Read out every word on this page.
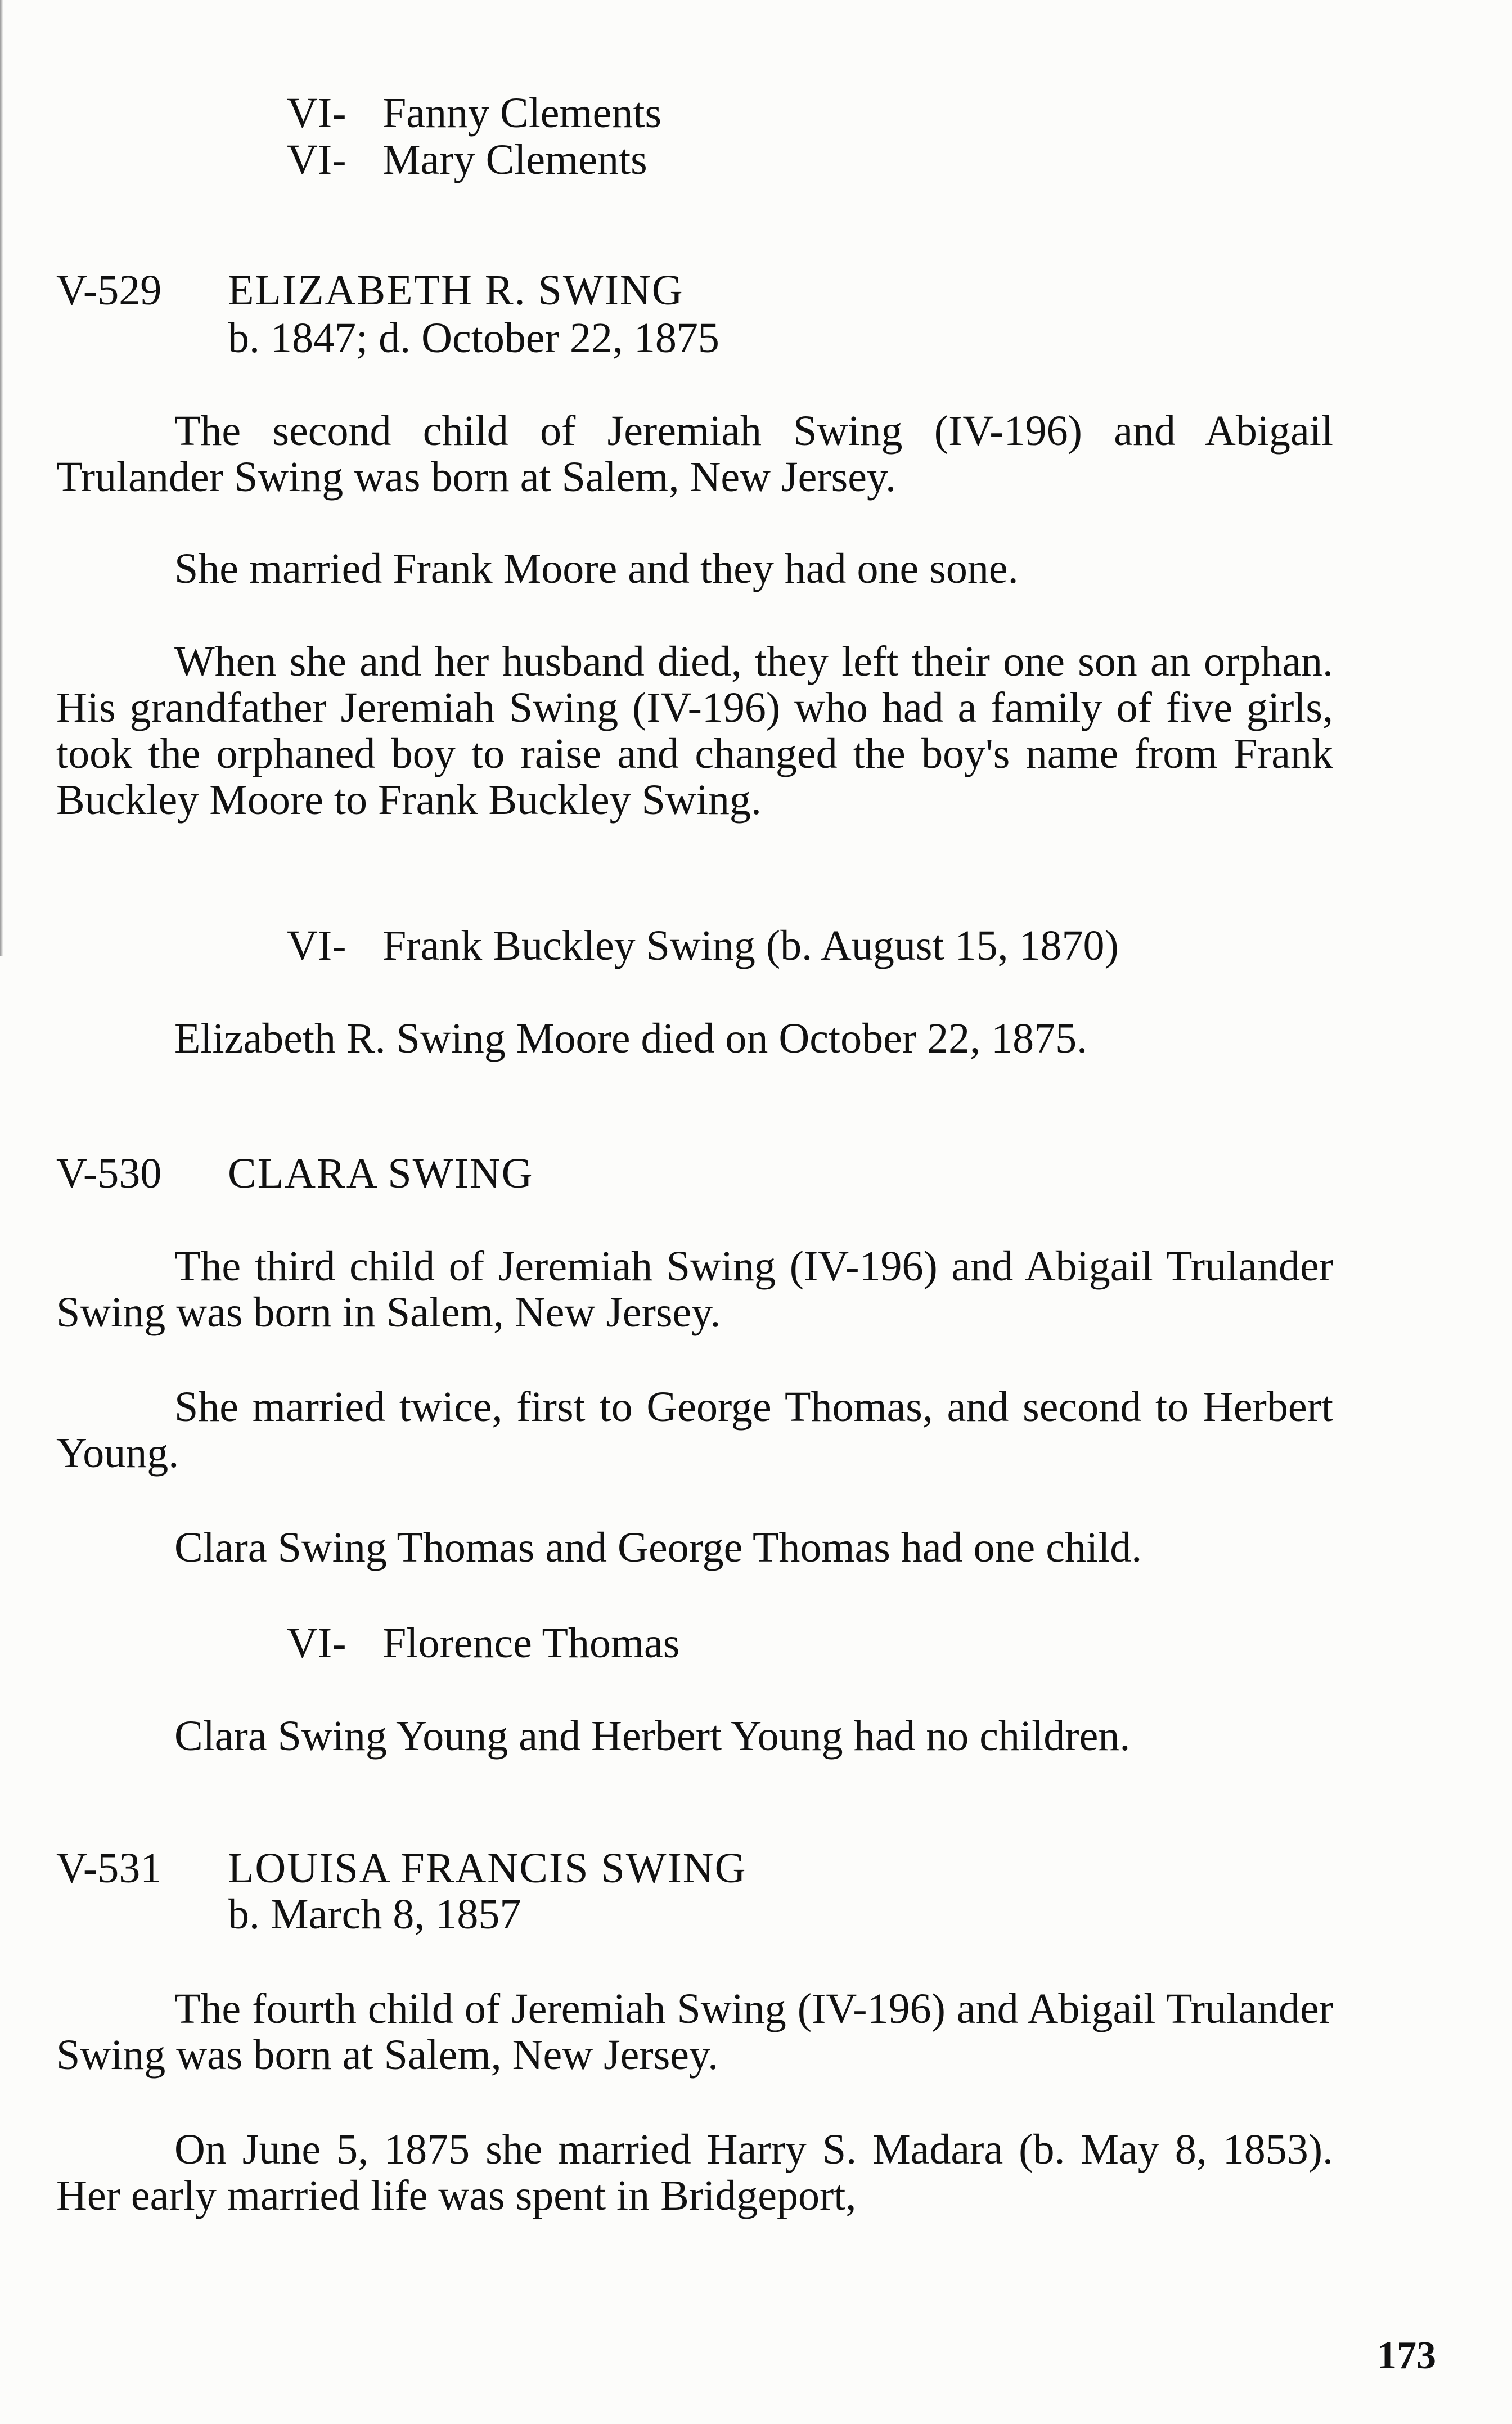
VI- Fanny Clements
VI- Mary Clements
V-529 ELIZABETH R. SWING
b. 1847; d. October 22, 1875

The second child of Jeremiah Swing (IV-196) and Abigail Trulander Swing was born at Salem, New Jersey.

She married Frank Moore and they had one sone.

When she and her husband died, they left their one son an orphan. His grandfather Jeremiah Swing (IV-196) who had a family of five girls, took the orphaned boy to raise and changed the boy's name from Frank Buckley Moore to Frank Buckley Swing.

VI- Frank Buckley Swing (b. August 15, 1870)

Elizabeth R. Swing Moore died on October 22, 1875.

V-530 CLARA SWING

The third child of Jeremiah Swing (IV-196) and Abigail Trulander Swing was born in Salem, New Jersey.

She married twice, first to George Thomas, and second to Herbert Young.

Clara Swing Thomas and George Thomas had one child.

VI- Florence Thomas

Clara Swing Young and Herbert Young had no children.

V-531 LOUISA FRANCIS SWING
b. March 8, 1857

The fourth child of Jeremiah Swing (IV-196) and Abigail Trulander Swing was born at Salem, New Jersey.

On June 5, 1875 she married Harry S. Madara (b. May 8, 1853). Her early married life was spent in Bridgeport,

173
